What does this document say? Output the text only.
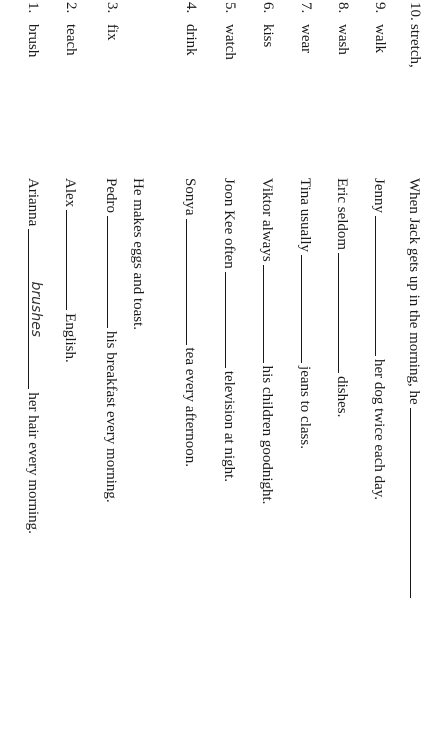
1.
brush
Arianna
brushes
her hair every morning.
2.
teach
Alex
English.
3.
fix
Pedro
his breakfast every morning.
He makes eggs and toast.
4.
drink
Sonya
tea every afternoon.
5.
watch
Joon Kee often
television at night.
6.
kiss
Viktor always
his children goodnight.
7.
wear
Tina usually
jeans to class.
8.
wash
Eric seldom
dishes.
9.
walk
Jenny
her dog twice each day.
10.
stretch,
When Jack gets up in the morning, he
